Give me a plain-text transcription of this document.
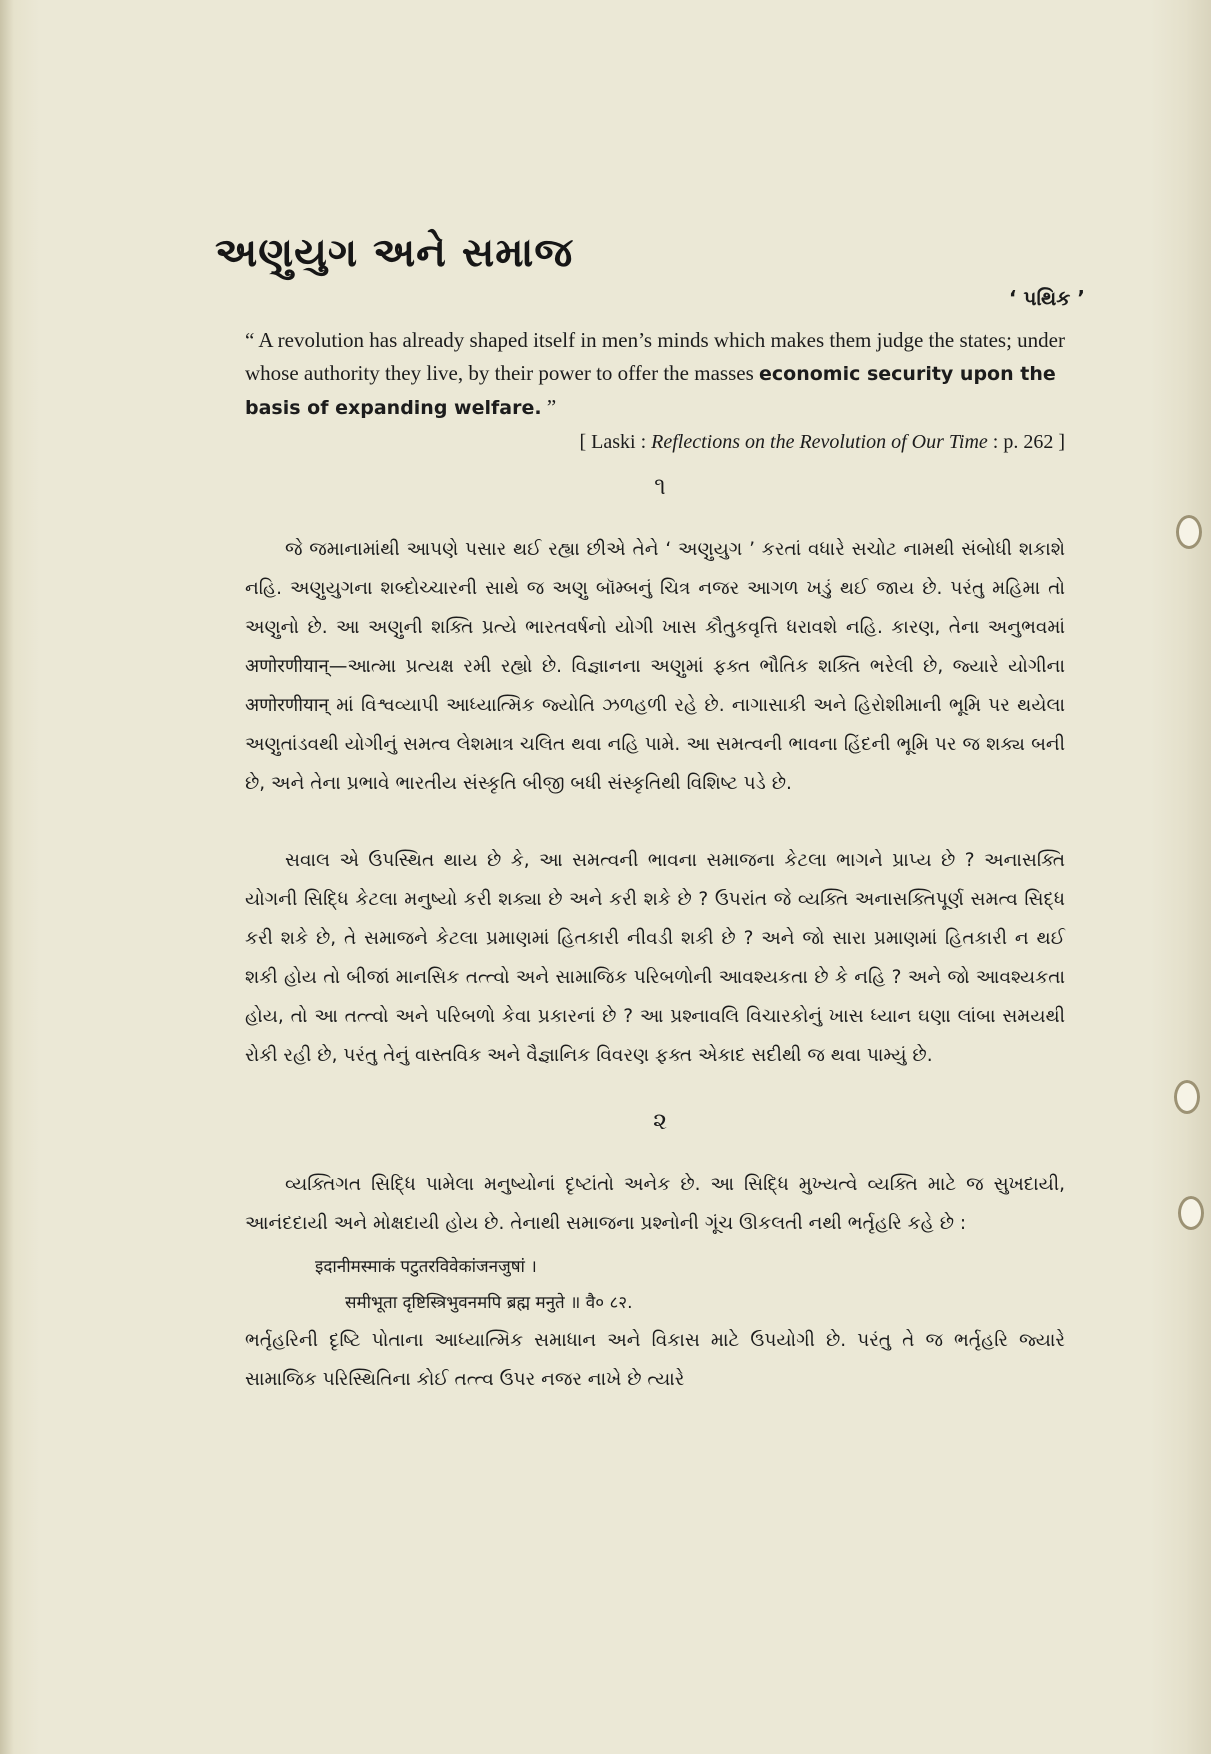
અણુયુગ અને સમાજ
‘ પથિક ’
“ A revolution has already shaped itself in men’s minds which makes them judge the states; under whose authority they live, by their power to offer the masses economic security upon the basis of expanding welfare. ”
[ Laski : Reflections on the Revolution of Our Time : p. 262 ]
૧

જે જમાનામાંથી આપણે પસાર થઈ રહ્યા છીએ તેને ‘ અણુયુગ ’ કરતાં વધારે સચોટ નામથી સંબોધી શકાશે નહિ. અણુયુગના શબ્દોચ્ચારની સાથે જ અણુ બૉમ્બનું ચિત્ર નજર આગળ ખડું થઈ જાય છે. પરંતુ મહિમા તો અણુનો છે. આ અણુની શક્તિ પ્રત્યે ભારતવર્ષનો યોગી ખાસ કૌતુકવૃત્તિ ધરાવશે નહિ. કારણ, તેના અનુભવમાં अणोरणीयान्—આત્મા પ્રત્યક્ષ રમી રહ્યો છે. વિજ્ઞાનના અણુમાં ફક્ત ભૌતિક શક્તિ ભરેલી છે, જ્યારે યોગીના अणोरणीयान् માં વિશ્વવ્યાપી આધ્યાત્મિક જ્યોતિ ઝળહળી રહે છે. નાગાસાકી અને હિરોશીમાની ભૂમિ પર થયેલા અણુતાંડવથી યોગીનું સમત્વ લેશમાત્ર ચલિત થવા નહિ પામે. આ સમત્વની ભાવના હિંદની ભૂમિ પર જ શક્ય બની છે, અને તેના પ્રભાવે ભારતીય સંસ્કૃતિ બીજી બધી સંસ્કૃતિથી વિશિષ્ટ પડે છે.

સવાલ એ ઉપસ્થિત થાય છે કે, આ સમત્વની ભાવના સમાજના કેટલા ભાગને પ્રાપ્ય છે ? અનાસક્તિ યોગની સિદ્ધિ કેટલા મનુષ્યો કરી શક્યા છે અને કરી શકે છે ? ઉપરાંત જે વ્યક્તિ અનાસક્તિપૂર્ણ સમત્વ સિદ્ધ કરી શકે છે, તે સમાજને કેટલા પ્રમાણમાં હિતકારી નીવડી શકી છે ? અને જો સારા પ્રમાણમાં હિતકારી ન થઈ શકી હોય તો બીજાં માનસિક તત્ત્વો અને સામાજિક પરિબળોની આવશ્યકતા છે કે નહિ ? અને જો આવશ્યકતા હોય, તો આ તત્ત્વો અને પરિબળો કેવા પ્રકારનાં છે ? આ પ્રશ્નાવલિ વિચારકોનું ખાસ ધ્યાન ઘણા લાંબા સમયથી રોકી રહી છે, પરંતુ તેનું વાસ્તવિક અને વૈજ્ઞાનિક વિવરણ ફક્ત એકાદ સદીથી જ થવા પામ્યું છે.

૨

વ્યક્તિગત સિદ્ધિ પામેલા મનુષ્યોનાં દૃષ્ટાંતો અનેક છે. આ સિદ્ધિ મુખ્યત્વે વ્યક્તિ માટે જ સુખદાયી, આનંદદાયી અને મોક્ષદાયી હોય છે. તેનાથી સમાજના પ્રશ્નોની ગૂંચ ઊકલતી નથી ભર્તૃહરિ કહે છે :

इदानीमस्माकं पटुतरविवेकांजनजुषां ।
समीभूता दृष्टिस्त्रिभुवनमपि ब्रह्म मनुते ॥ वै० ८२.

ભર્તૃહરિની દૃષ્ટિ પોતાના આધ્યાત્મિક સમાધાન અને વિકાસ માટે ઉપયોગી છે. પરંતુ તે જ ભર્તૃહરિ જ્યારે સામાજિક પરિસ્થિતિના કોઈ તત્ત્વ ઉપર નજર નાખે છે ત્યારે
